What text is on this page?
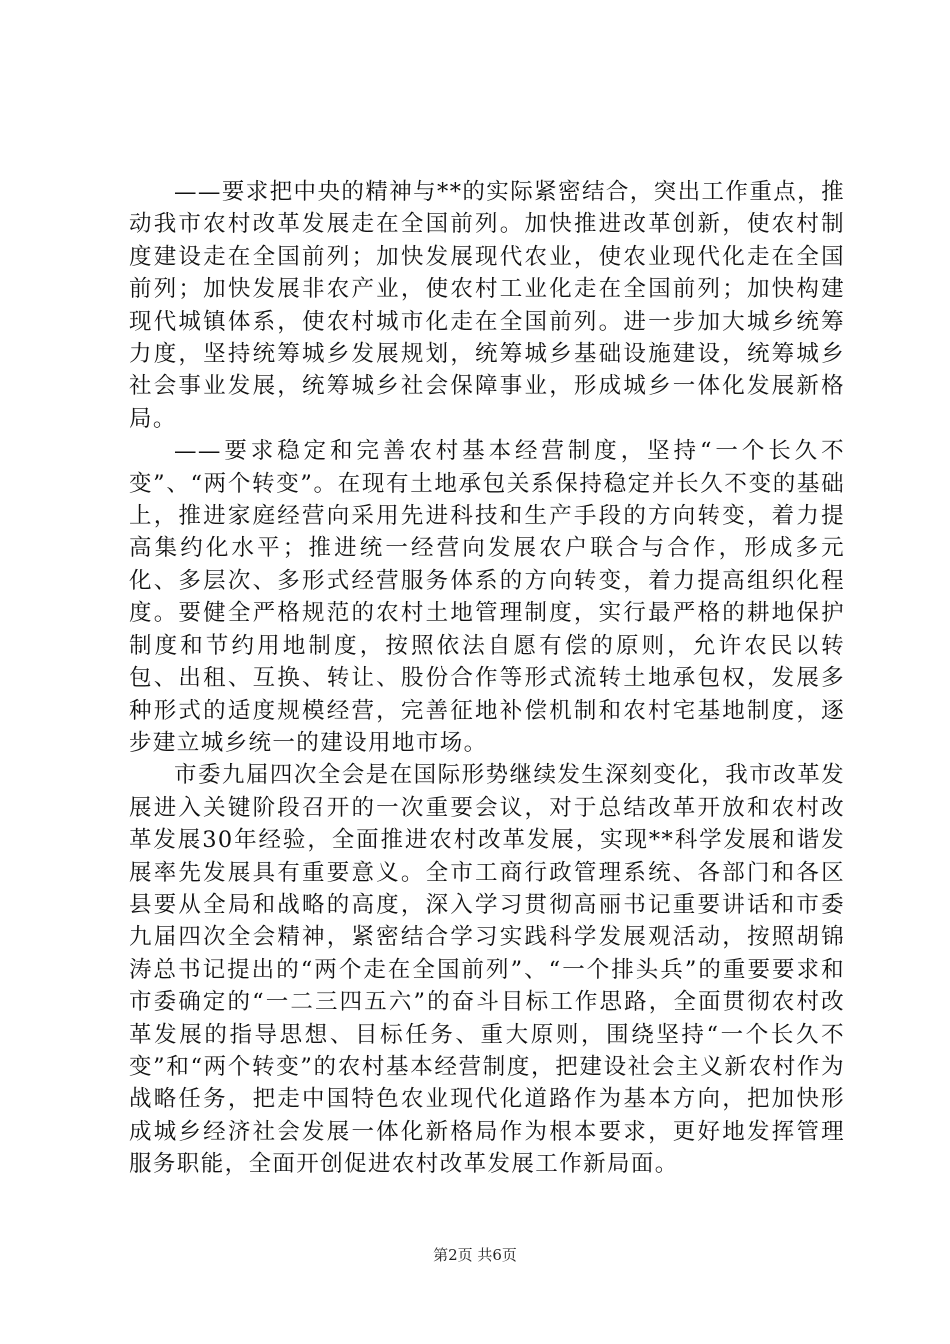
——要求把中央的精神与**的实际紧密结合，突出工作重点，推动我市农村改革发展走在全国前列。加快推进改革创新，使农村制度建设走在全国前列；加快发展现代农业，使农业现代化走在全国前列；加快发展非农产业，使农村工业化走在全国前列；加快构建现代城镇体系，使农村城市化走在全国前列。进一步加大城乡统筹力度，坚持统筹城乡发展规划，统筹城乡基础设施建设，统筹城乡社会事业发展，统筹城乡社会保障事业，形成城乡一体化发展新格局。

——要求稳定和完善农村基本经营制度，坚持“一个长久不变”、“两个转变”。在现有土地承包关系保持稳定并长久不变的基础上，推进家庭经营向采用先进科技和生产手段的方向转变，着力提高集约化水平；推进统一经营向发展农户联合与合作，形成多元化、多层次、多形式经营服务体系的方向转变，着力提高组织化程度。要健全严格规范的农村土地管理制度，实行最严格的耕地保护制度和节约用地制度，按照依法自愿有偿的原则，允许农民以转包、出租、互换、转让、股份合作等形式流转土地承包权，发展多种形式的适度规模经营，完善征地补偿机制和农村宅基地制度，逐步建立城乡统一的建设用地市场。

市委九届四次全会是在国际形势继续发生深刻变化，我市改革发展进入关键阶段召开的一次重要会议，对于总结改革开放和农村改革发展30年经验，全面推进农村改革发展，实现**科学发展和谐发展率先发展具有重要意义。全市工商行政管理系统、各部门和各区县要从全局和战略的高度，深入学习贯彻高丽书记重要讲话和市委九届四次全会精神，紧密结合学习实践科学发展观活动，按照胡锦涛总书记提出的“两个走在全国前列”、“一个排头兵”的重要要求和市委确定的“一二三四五六”的奋斗目标工作思路，全面贯彻农村改革发展的指导思想、目标任务、重大原则，围绕坚持“一个长久不变”和“两个转变”的农村基本经营制度，把建设社会主义新农村作为战略任务，把走中国特色农业现代化道路作为基本方向，把加快形成城乡经济社会发展一体化新格局作为根本要求，更好地发挥管理服务职能，全面开创促进农村改革发展工作新局面。

第2页 共6页
